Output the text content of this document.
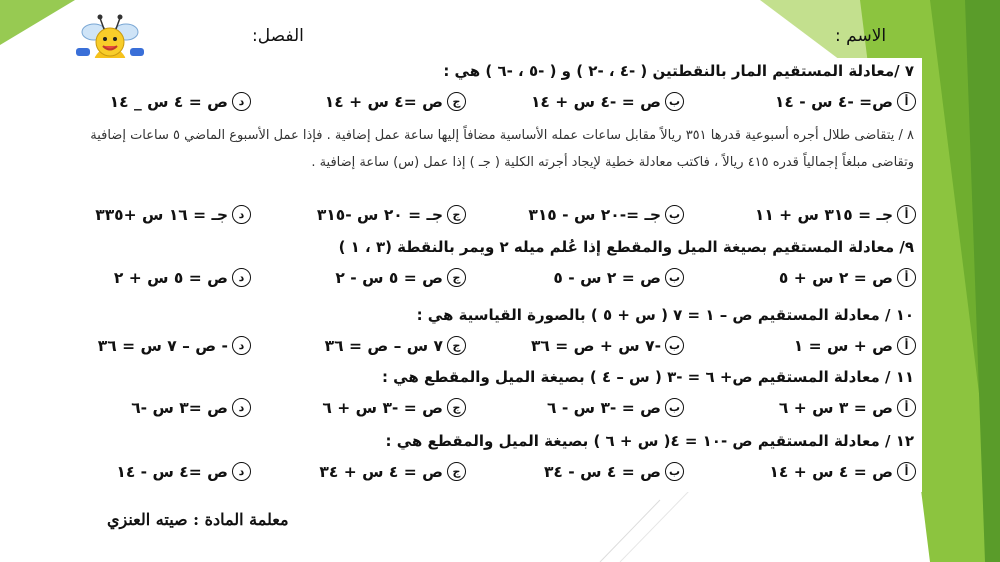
الاسم :
الفصل:
٧ /معادلة المستقيم المار بالنقطتين ( -٤ ، -٢ ) و ( -٥ ، -٦ ) هي :
أ
ص= -٤ س - ١٤
ب
ص = -٤ س + ١٤
ج
ص =٤ س + ١٤
د
ص = ٤ س _ ١٤
٨ / يتقاضى طلال أجره أسبوعية قدرها ٣٥١ ريالاً مقابل ساعات عمله الأساسية مضافاً إليها ساعة عمل إضافية . فإذا عمل الأسبوع الماضي ٥ ساعات إضافية وتقاضى مبلغاً إجمالياً قدره ٤١٥ ريالاً ، فاكتب معادلة خطية لإيجاد أجرته الكلية ( جـ ) إذا عمل (س) ساعة إضافية .
أ
جـ = ٣١٥ س + ١١
ب
جـ =-٢٠ س - ٣١٥
ج
جـ = ٢٠ س -٣١٥
د
جـ = ١٦ س +٣٣٥
٩/ معادلة المستقيم بصيغة الميل والمقطع إذا عُلم ميله ٢ ويمر بالنقطة (٣ ، ١ )
أ
ص = ٢ س + ٥
ب
ص = ٢ س - ٥
ج
ص = ٥ س - ٢
د
ص = ٥ س + ٢
١٠ / معادلة المستقيم ص – ١ = ٧ ( س + ٥ ) بالصورة القياسية هي :
أ
ص + س = ١
ب
-٧ س + ص = ٣٦
ج
٧ س – ص = ٣٦
د
- ص – ٧ س = ٣٦
١١ / معادلة المستقيم ص+ ٦ = -٣ ( س – ٤ ) بصيغة الميل والمقطع هي :
أ
ص = ٣ س + ٦
ب
ص = -٣ س - ٦
ج
ص = -٣ س + ٦
د
ص =٣ س -٦
١٢ / معادلة المستقيم ص -١٠ = ٤( س + ٦ ) بصيغة الميل والمقطع هي :
أ
ص = ٤ س + ١٤
ب
ص = ٤ س - ٣٤
ج
ص = ٤ س + ٣٤
د
ص =٤ س - ١٤
معلمة المادة : صيته العنزي
